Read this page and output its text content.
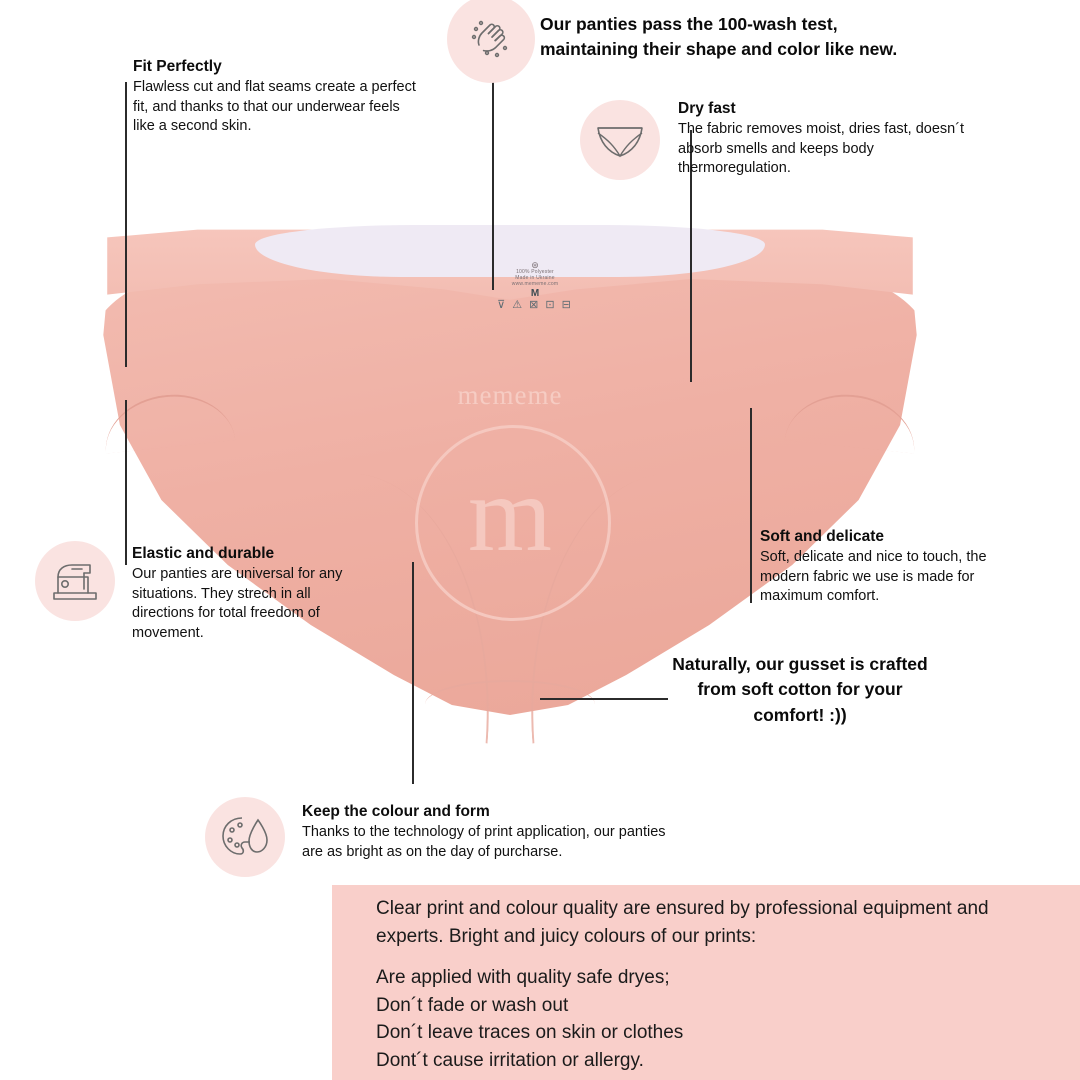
⊛
100% Polyester
Made in Ukraine
www.mememe.com
M
⊽ ⚠ ⊠ ⊡ ⊟
mememe
m
Fit Perfectly
Flawless cut and flat seams create a perfect fit, and thanks to that our underwear feels like a second skin.
Our panties pass the 100-wash test,
maintaining their shape and color like new.
Dry fast
The fabric removes moist, dries fast, doesn´t absorb smells and keeps body thermoregulation.
Elastic and durable
Our panties are universal for any situations. They strech in all directions for total freedom of movement.
Soft and delicate
Soft, delicate and nice to touch, the modern fabric we use is made for maximum comfort.
Naturally, our gusset is crafted
from soft cotton for your
comfort! :))
Keep the colour and form
Thanks to the technology of print applicatioη, our panties are as bright as on the day of purcharse.
Clear print and colour quality are ensured by professional equipment and experts. Bright and juicy colours of our prints:
Are applied with quality safe dryes;
Don´t fade or wash out
Don´t leave traces on skin or clothes
Dont´t cause irritation or allergy.
